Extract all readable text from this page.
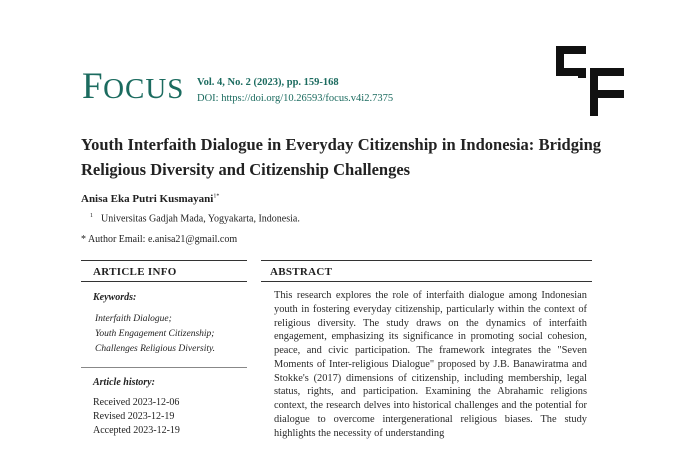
FOCUS Vol. 4, No. 2 (2023), pp. 159-168
DOI: https://doi.org/10.26593/focus.v4i2.7375
Youth Interfaith Dialogue in Everyday Citizenship in Indonesia: Bridging Religious Diversity and Citizenship Challenges
Anisa Eka Putri Kusmayani$^{1*}$
$^1$ Universitas Gadjah Mada, Yogyakarta, Indonesia.
* Author Email: e.anisa21@gmail.com
ARTICLE INFO
Keywords:
Interfaith Dialogue;
Youth Engagement Citizenship;
Challenges Religious Diversity.
Article history:
Received 2023-12-06
Revised 2023-12-19
Accepted 2023-12-19
ABSTRACT
This research explores the role of interfaith dialogue among Indonesian youth in fostering everyday citizenship, particularly within the context of religious diversity. The study draws on the dynamics of interfaith engagement, emphasizing its significance in promoting social cohesion, peace, and civic participation. The framework integrates the "Seven Moments of Inter-religious Dialogue" proposed by J.B. Banawiratma and Stokke's (2017) dimensions of citizenship, including membership, legal status, rights, and participation. Examining the Abrahamic religions context, the research delves into historical challenges and the potential for dialogue to overcome intergenerational religious biases. The study highlights the necessity of understanding
